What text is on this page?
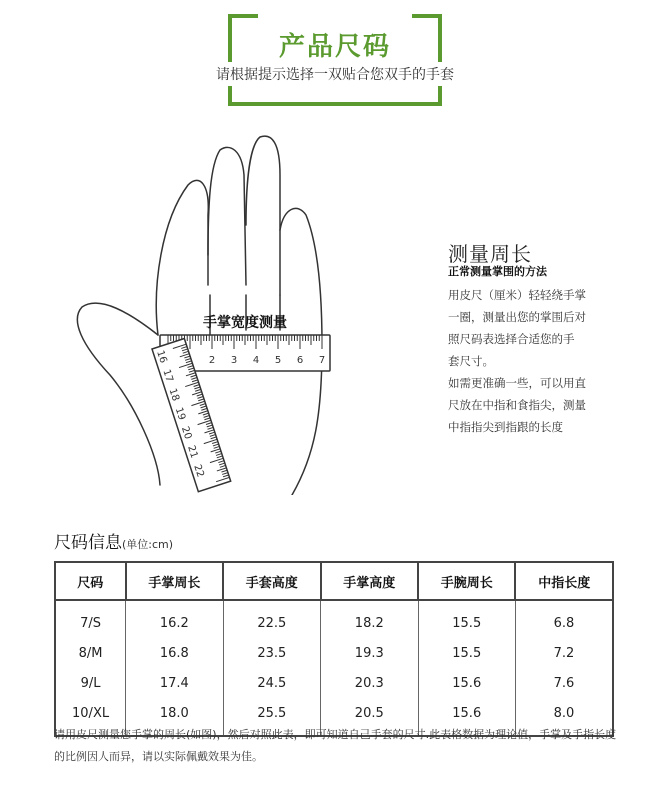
产品尺码
请根据提示选择一双贴合您双手的手套
2 3 4 5 6 7
手掌宽度测量
16
17
18
19
20
21
22
测量周长
正常测量掌围的方法
用皮尺（厘米）轻轻绕手掌
一圈，测量出您的掌围后对
照尺码表选择合适您的手
套尺寸。
如需更准确一些，可以用直
尺放在中指和食指尖，测量
中指指尖到指跟的长度
尺码信息(单位:cm)
尺码	手掌周长	手套高度	手掌高度	手腕周长	中指长度
7/S	16.2	22.5	18.2	15.5	6.8
8/M	16.8	23.5	19.3	15.5	7.2
9/L	17.4	24.5	20.3	15.6	7.6
10/XL	18.0	25.5	20.5	15.6	8.0
请用皮尺测量您手掌的周长(如图)，然后对照此表，即可知道自己手套的尺寸.此表格数据为理论值，手掌及手指长度的比例因人而异，请以实际佩戴效果为佳。
